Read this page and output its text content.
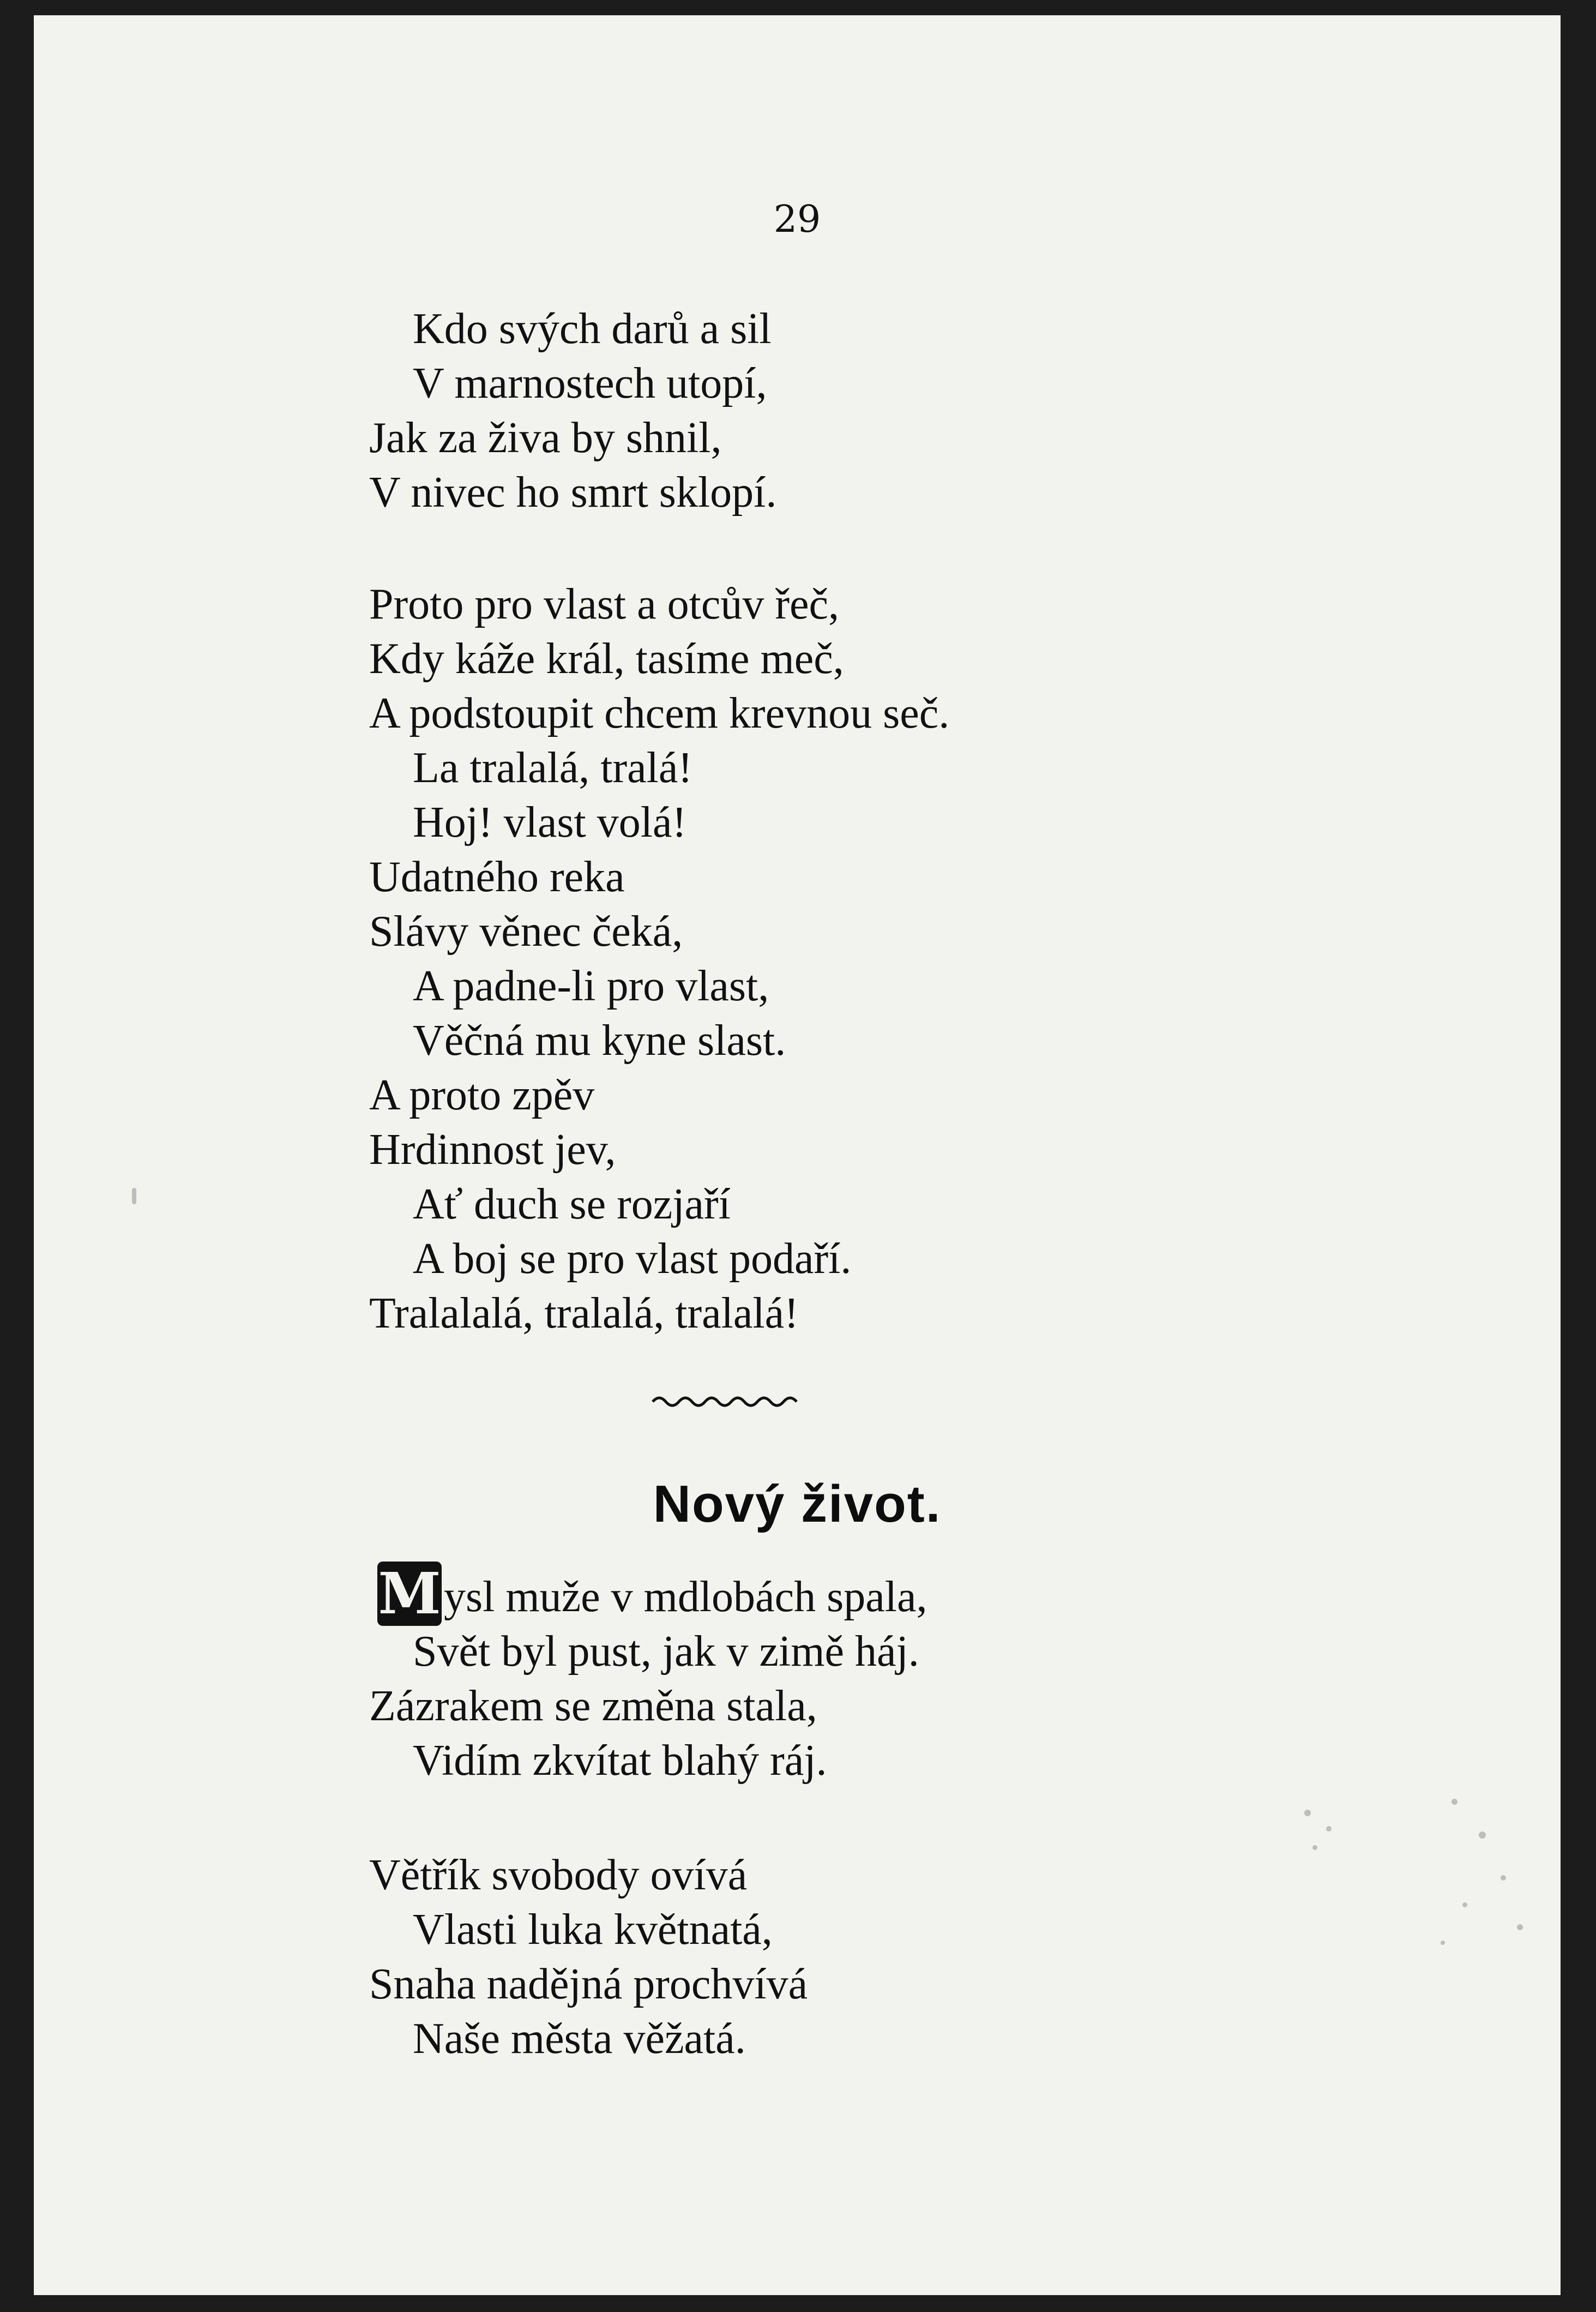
29
Kdo svých darů a sil
V marnostech utopí,
Jak za živa by shnil,
V nivec ho smrt sklopí.
Proto pro vlast a otcův řeč,
Kdy káže král, tasíme meč,
A podstoupit chcem krevnou seč.
La tralalá, tralá!
Hoj! vlast volá!
Udatného reka
Slávy věnec čeká,
A padne-li pro vlast,
Věčná mu kyne slast.
A proto zpěv
Hrdinnost jev,
Ať duch se rozjaří
A boj se pro vlast podaří.
Tralalalá, tralalá, tralalá!
Nový život.
M ysl muže v mdlobách spala,
Svět byl pust, jak v zimě háj.
Zázrakem se změna stala,
Vidím zkvítat blahý ráj.
Větřík svobody ovívá
Vlasti luka květnatá,
Snaha nadějná prochvívá
Naše města věžatá.
